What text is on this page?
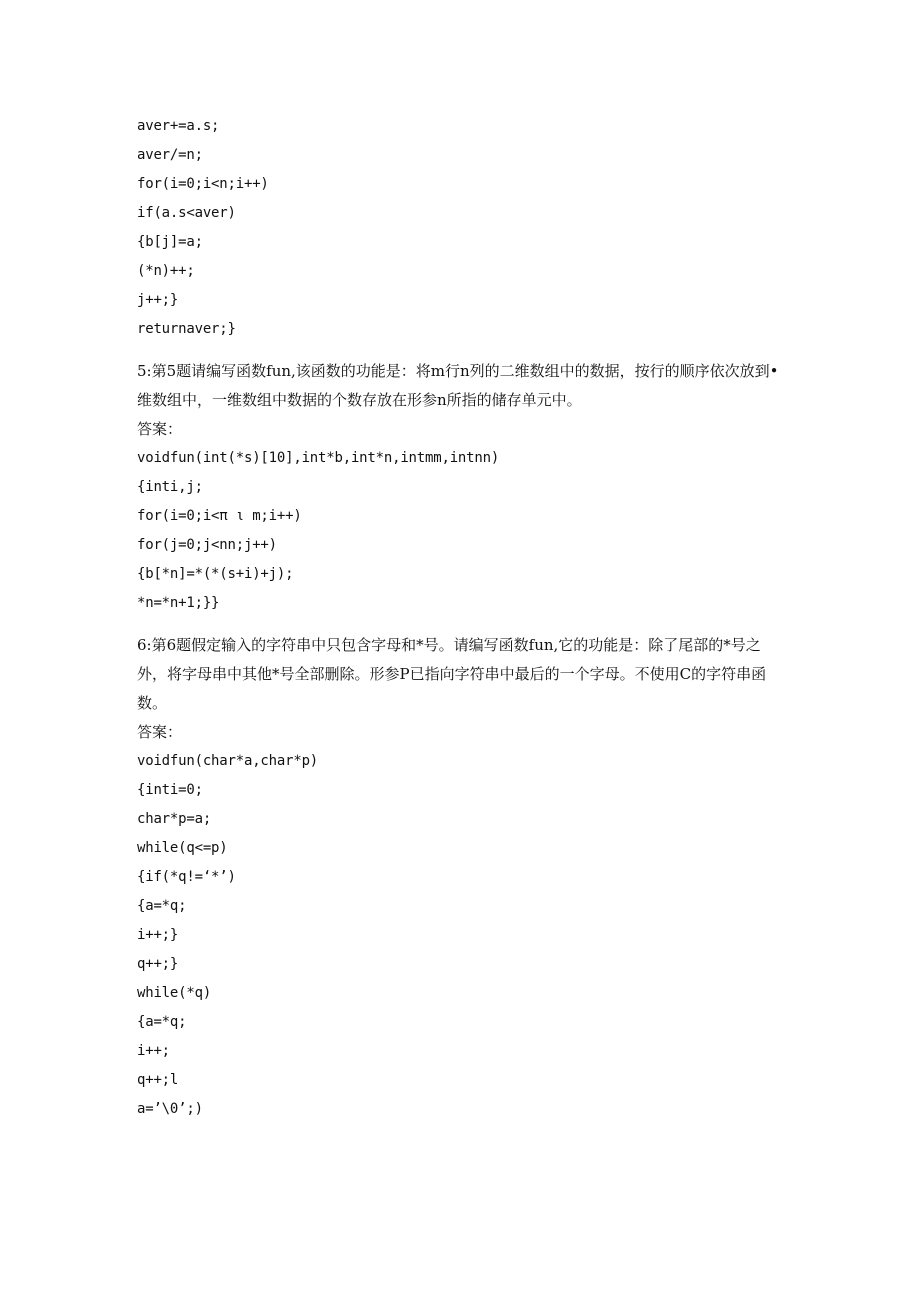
aver+=a.s;
aver/=n;
for(i=0;i<n;i++)
if(a.s<aver)
{b[j]=a;
(*n)++;
j++;}
returnaver;}

5:第5题请编写函数fun,该函数的功能是：将m行n列的二维数组中的数据，按行的顺序依次放到•维数组中，一维数组中数据的个数存放在形参n所指的储存单元中。

答案：

voidfun(int(*s)[10],int*b,int*n,intmm,intnn)
{inti,j;
for(i=0;i<π ι m;i++)
for(j=0;j<nn;j++)
{b[*n]=*(*(s+i)+j);
*n=*n+1;}}

6:第6题假定输入的字符串中只包含字母和*号。请编写函数fun,它的功能是：除了尾部的*号之外，将字母串中其他*号全部删除。形参P已指向字符串中最后的一个字母。不使用C的字符串函数。

答案：

voidfun(char*a,char*p)
{inti=0;
char*p=a;
while(q<=p)
{if(*q!=‘*’)
{a=*q;
i++;}
q++;}
while(*q)
{a=*q;
i++;
q++;l
a=’\0’;)
